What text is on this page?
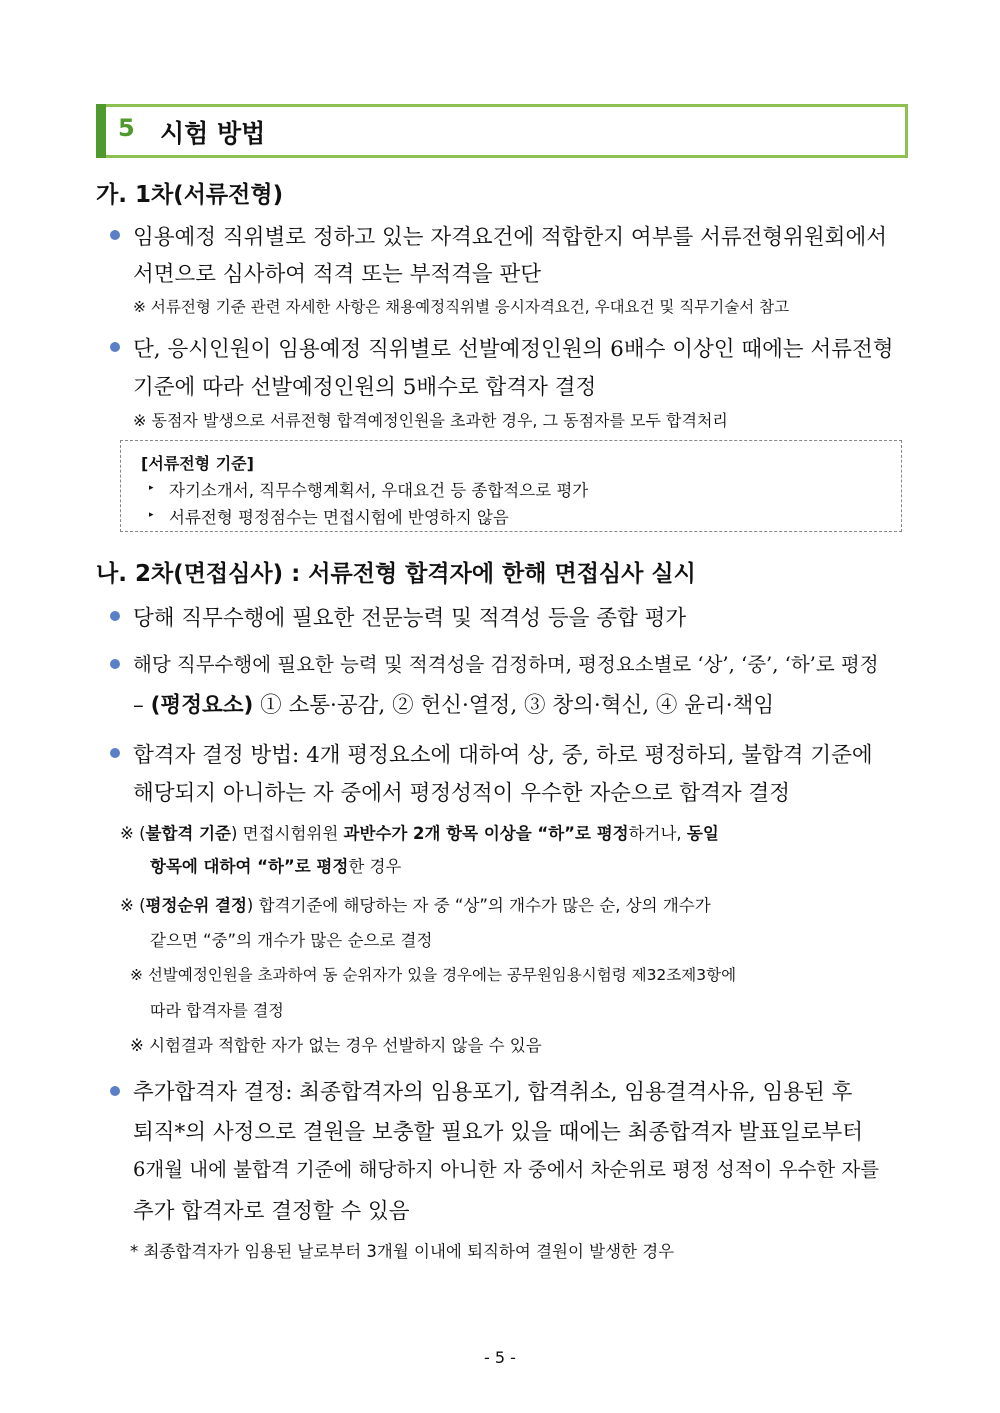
5 시험 방법
가. 1차(서류전형)
임용예정 직위별로 정하고 있는 자격요건에 적합한지 여부를 서류전형위원회에서
서면으로 심사하여 적격 또는 부적격을 판단
※ 서류전형 기준 관련 자세한 사항은 채용예정직위별 응시자격요건, 우대요건 및 직무기술서 참고
단, 응시인원이 임용예정 직위별로 선발예정인원의 6배수 이상인 때에는 서류전형
기준에 따라 선발예정인원의 5배수로 합격자 결정
※ 동점자 발생으로 서류전형 합격예정인원을 초과한 경우, 그 동점자를 모두 합격처리
[서류전형 기준]
▸ 자기소개서, 직무수행계획서, 우대요건 등 종합적으로 평가
▸ 서류전형 평정점수는 면접시험에 반영하지 않음
나. 2차(면접심사) : 서류전형 합격자에 한해 면접심사 실시
당해 직무수행에 필요한 전문능력 및 적격성 등을 종합 평가
해당 직무수행에 필요한 능력 및 적격성을 검정하며, 평정요소별로 ‘상’, ‘중’, ‘하’로 평정
– (평정요소) ① 소통·공감, ② 헌신·열정, ③ 창의·혁신, ④ 윤리·책임
합격자 결정 방법: 4개 평정요소에 대하여 상, 중, 하로 평정하되, 불합격 기준에
해당되지 아니하는 자 중에서 평정성적이 우수한 자순으로 합격자 결정
※ (불합격 기준) 면접시험위원 과반수가 2개 항목 이상을 “하”로 평정하거나, 동일
항목에 대하여 “하”로 평정한 경우
※ (평정순위 결정) 합격기준에 해당하는 자 중 “상”의 개수가 많은 순, 상의 개수가
같으면 “중”의 개수가 많은 순으로 결정
※ 선발예정인원을 초과하여 동 순위자가 있을 경우에는 공무원임용시험령 제32조제3항에
따라 합격자를 결정
※ 시험결과 적합한 자가 없는 경우 선발하지 않을 수 있음
추가합격자 결정: 최종합격자의 임용포기, 합격취소, 임용결격사유, 임용된 후
퇴직*의 사정으로 결원을 보충할 필요가 있을 때에는 최종합격자 발표일로부터
6개월 내에 불합격 기준에 해당하지 아니한 자 중에서 차순위로 평정 성적이 우수한 자를
추가 합격자로 결정할 수 있음
* 최종합격자가 임용된 날로부터 3개월 이내에 퇴직하여 결원이 발생한 경우
- 5 -
